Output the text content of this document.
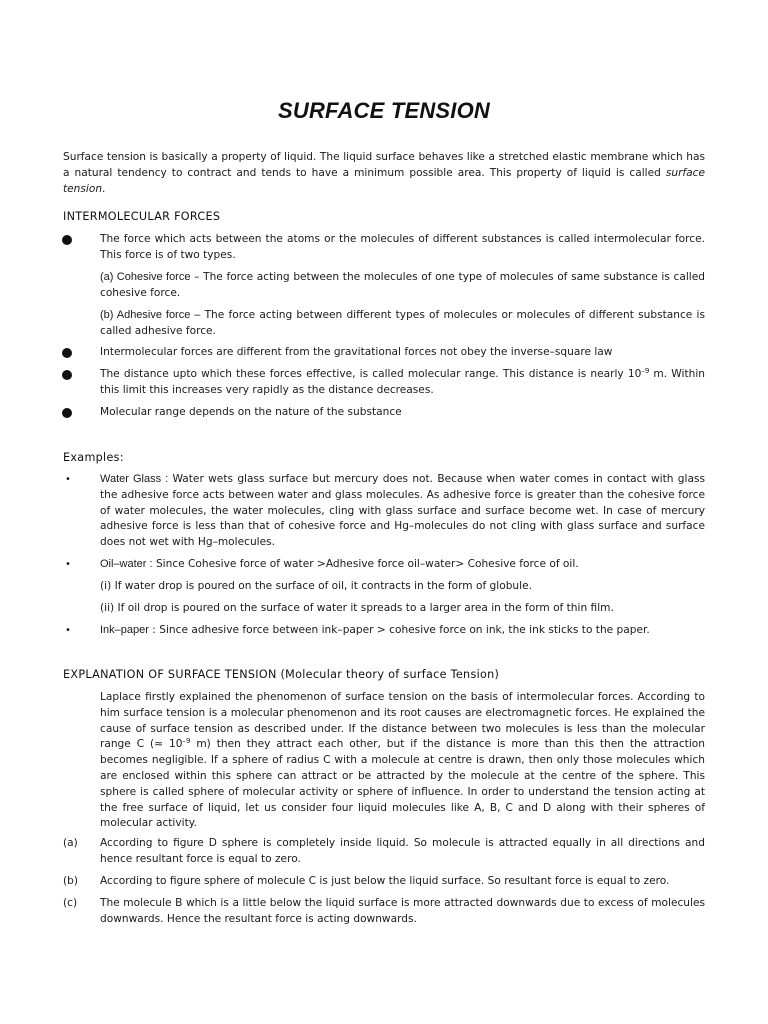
SURFACE TENSION
Surface tension is basically a property of liquid. The liquid surface behaves like a stretched elastic membrane which has a natural tendency to contract and tends to have a minimum possible area. This property of liquid is called surface tension.
INTERMOLECULAR FORCES
The force which acts between the atoms or the molecules of different substances is called intermolecular force. This force is of two types.
(a) Cohesive force – The force acting between the molecules of one type of molecules of same substance is called cohesive force.
(b) Adhesive force – The force acting between different types of molecules or molecules of different substance is called adhesive force.
Intermolecular forces are different from the gravitational forces not obey the inverse–square law
The distance upto which these forces effective, is called molecular range. This distance is nearly $10^{-9}$ m. Within this limit this increases very rapidly as the distance decreases.
Molecular range depends on the nature of the substance
Examples:
•	Water Glass : Water wets glass surface but mercury does not. Because when water comes in contact with glass the adhesive force acts between water and glass molecules. As adhesive force is greater than the cohesive force of water molecules, the water molecules, cling with glass surface and surface become wet. In case of mercury adhesive force is less than that of cohesive force and Hg–molecules do not cling with glass surface and surface does not wet with Hg–molecules.
•	Oil–water : Since Cohesive force of water >Adhesive force oil–water> Cohesive force of oil.
(i) If water drop is poured on the surface of oil, it contracts in the form of globule.
(ii) If oil drop is poured on the surface of water it spreads to a larger area in the form of thin film.
•	Ink–paper : Since adhesive force between ink–paper > cohesive force on ink, the ink sticks to the paper.
EXPLANATION OF SURFACE TENSION (Molecular theory of surface Tension)
Laplace firstly explained the phenomenon of surface tension on the basis of intermolecular forces. According to him surface tension is a molecular phenomenon and its root causes are electromagnetic forces. He explained the cause of surface tension as described under. If the distance between two molecules is less than the molecular range C (≈ $10^{-9}$ m) then they attract each other, but if the distance is more than this then the attraction becomes negligible. If a sphere of radius C with a molecule at centre is drawn, then only those molecules which are enclosed within this sphere can attract or be attracted by the molecule at the centre of the sphere. This sphere is called sphere of molecular activity or sphere of influence. In order to understand the tension acting at the free surface of liquid, let us consider four liquid molecules like A, B, C and D along with their spheres of molecular activity.
(a) According to figure D sphere is completely inside liquid. So molecule is attracted equally in all directions and hence resultant force is equal to zero.
(b) According to figure sphere of molecule C is just below the liquid surface. So resultant force is equal to zero.
(c) The molecule B which is a little below the liquid surface is more attracted downwards due to excess of molecules downwards. Hence the resultant force is acting downwards.
